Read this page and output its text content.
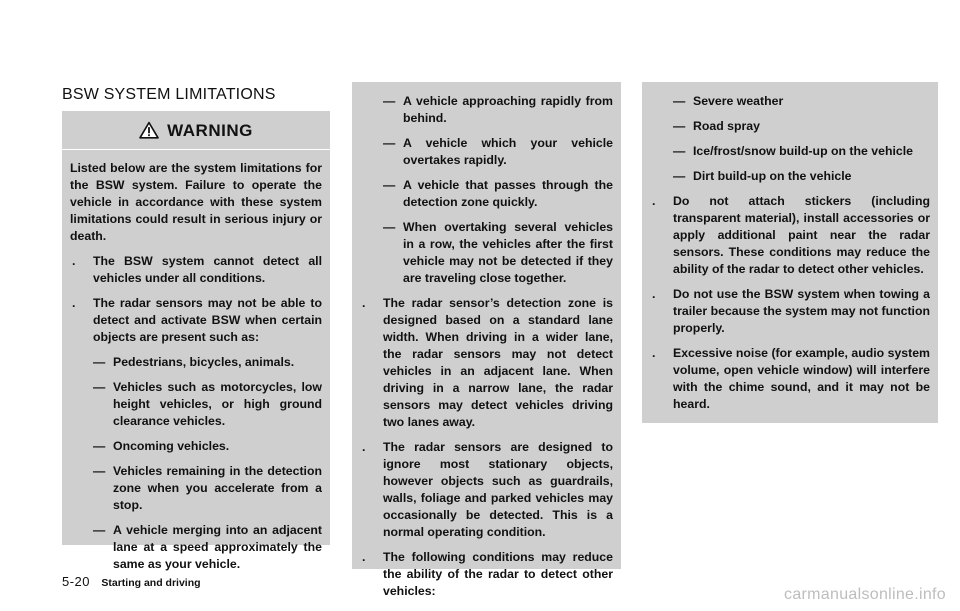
BSW SYSTEM LIMITATIONS
WARNING

Listed below are the system limitations for the BSW system. Failure to operate the vehicle in accordance with these system limitations could result in serious injury or death.

. The BSW system cannot detect all vehicles under all conditions.
. The radar sensors may not be able to detect and activate BSW when certain objects are present such as:
— Pedestrians, bicycles, animals.
— Vehicles such as motorcycles, low height vehicles, or high ground clearance vehicles.
— Oncoming vehicles.
— Vehicles remaining in the detection zone when you accelerate from a stop.
— A vehicle merging into an adjacent lane at a speed approximately the same as your vehicle.
— A vehicle approaching rapidly from behind.
— A vehicle which your vehicle overtakes rapidly.
— A vehicle that passes through the detection zone quickly.
— When overtaking several vehicles in a row, the vehicles after the first vehicle may not be detected if they are traveling close together.
. The radar sensor’s detection zone is designed based on a standard lane width. When driving in a wider lane, the radar sensors may not detect vehicles in an adjacent lane. When driving in a narrow lane, the radar sensors may detect vehicles driving two lanes away.
. The radar sensors are designed to ignore most stationary objects, however objects such as guardrails, walls, foliage and parked vehicles may occasionally be detected. This is a normal operating condition.
. The following conditions may reduce the ability of the radar to detect other vehicles:
— Severe weather
— Road spray
— Ice/frost/snow build-up on the vehicle
— Dirt build-up on the vehicle
. Do not attach stickers (including transparent material), install accessories or apply additional paint near the radar sensors. These conditions may reduce the ability of the radar to detect other vehicles.
. Do not use the BSW system when towing a trailer because the system may not function properly.
. Excessive noise (for example, audio system volume, open vehicle window) will interfere with the chime sound, and it may not be heard.
5-20 Starting and driving
carmanualsonline.info
